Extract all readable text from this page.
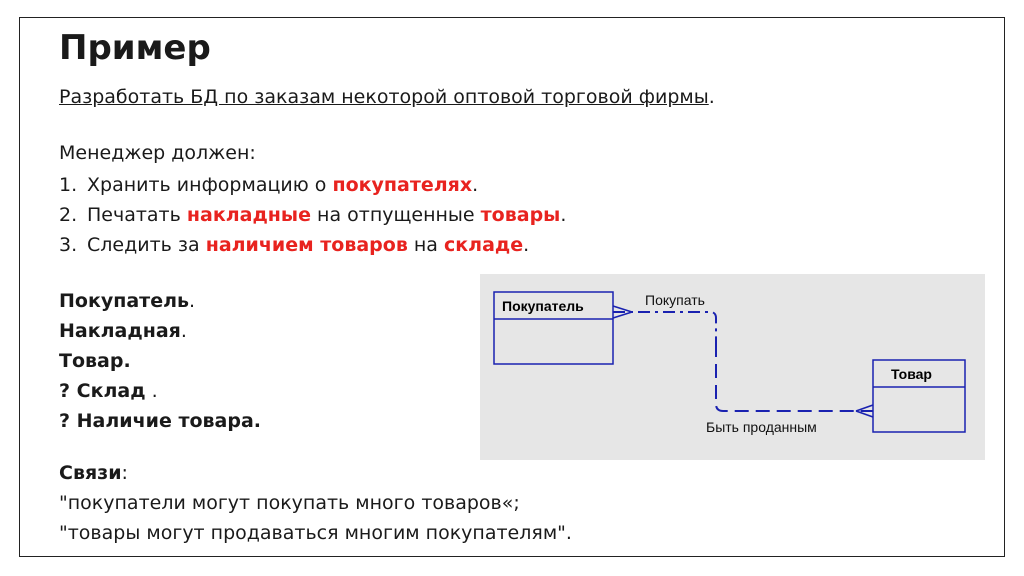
Пример
Разработать БД по заказам некоторой оптовой торговой фирмы.
Менеджер должен:
1. Хранить информацию о покупателях.
2. Печатать накладные на отпущенные товары.
3. Следить за наличием товаров на складе.
Покупатель.
Накладная.
Товар.
? Склад .
? Наличие товара.
Связи:
"покупатели могут покупать много товаров«;
"товары могут продаваться многим покупателям".
Покупатель
Товар
Покупать
Быть проданным
